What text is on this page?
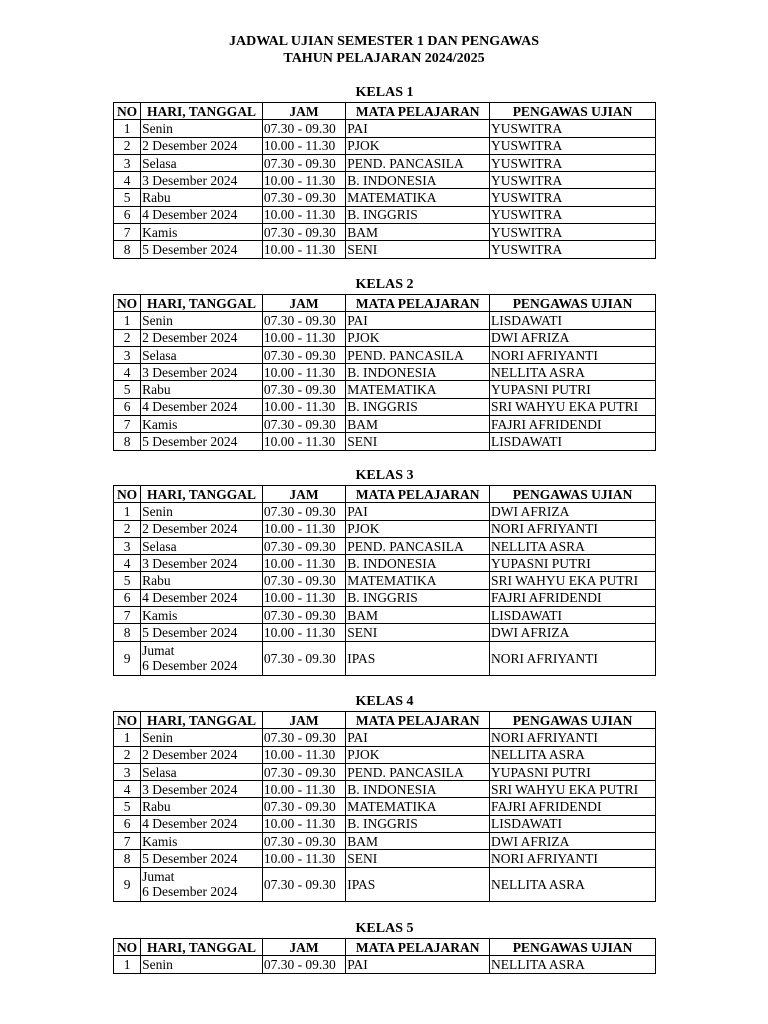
JADWAL UJIAN SEMESTER 1 DAN PENGAWAS
TAHUN PELAJARAN 2024/2025
KELAS 1
NO	HARI, TANGGAL	JAM	MATA PELAJARAN	PENGAWAS UJIAN
1	Senin	07.30 - 09.30	PAI	YUSWITRA
2	2 Desember 2024	10.00 - 11.30	PJOK	YUSWITRA
3	Selasa	07.30 - 09.30	PEND. PANCASILA	YUSWITRA
4	3 Desember 2024	10.00 - 11.30	B. INDONESIA	YUSWITRA
5	Rabu	07.30 - 09.30	MATEMATIKA	YUSWITRA
6	4 Desember 2024	10.00 - 11.30	B. INGGRIS	YUSWITRA
7	Kamis	07.30 - 09.30	BAM	YUSWITRA
8	5 Desember 2024	10.00 - 11.30	SENI	YUSWITRA
KELAS 2
NO	HARI, TANGGAL	JAM	MATA PELAJARAN	PENGAWAS UJIAN
1	Senin	07.30 - 09.30	PAI	LISDAWATI
2	2 Desember 2024	10.00 - 11.30	PJOK	DWI AFRIZA
3	Selasa	07.30 - 09.30	PEND. PANCASILA	NORI AFRIYANTI
4	3 Desember 2024	10.00 - 11.30	B. INDONESIA	NELLITA ASRA
5	Rabu	07.30 - 09.30	MATEMATIKA	YUPASNI PUTRI
6	4 Desember 2024	10.00 - 11.30	B. INGGRIS	SRI WAHYU EKA PUTRI
7	Kamis	07.30 - 09.30	BAM	FAJRI AFRIDENDI
8	5 Desember 2024	10.00 - 11.30	SENI	LISDAWATI
KELAS 3
NO	HARI, TANGGAL	JAM	MATA PELAJARAN	PENGAWAS UJIAN
1	Senin	07.30 - 09.30	PAI	DWI AFRIZA
2	2 Desember 2024	10.00 - 11.30	PJOK	NORI AFRIYANTI
3	Selasa	07.30 - 09.30	PEND. PANCASILA	NELLITA ASRA
4	3 Desember 2024	10.00 - 11.30	B. INDONESIA	YUPASNI PUTRI
5	Rabu	07.30 - 09.30	MATEMATIKA	SRI WAHYU EKA PUTRI
6	4 Desember 2024	10.00 - 11.30	B. INGGRIS	FAJRI AFRIDENDI
7	Kamis	07.30 - 09.30	BAM	LISDAWATI
8	5 Desember 2024	10.00 - 11.30	SENI	DWI AFRIZA
9	Jumat
6 Desember 2024	07.30 - 09.30	IPAS	NORI AFRIYANTI
KELAS 4
NO	HARI, TANGGAL	JAM	MATA PELAJARAN	PENGAWAS UJIAN
1	Senin	07.30 - 09.30	PAI	NORI AFRIYANTI
2	2 Desember 2024	10.00 - 11.30	PJOK	NELLITA ASRA
3	Selasa	07.30 - 09.30	PEND. PANCASILA	YUPASNI PUTRI
4	3 Desember 2024	10.00 - 11.30	B. INDONESIA	SRI WAHYU EKA PUTRI
5	Rabu	07.30 - 09.30	MATEMATIKA	FAJRI AFRIDENDI
6	4 Desember 2024	10.00 - 11.30	B. INGGRIS	LISDAWATI
7	Kamis	07.30 - 09.30	BAM	DWI AFRIZA
8	5 Desember 2024	10.00 - 11.30	SENI	NORI AFRIYANTI
9	Jumat
6 Desember 2024	07.30 - 09.30	IPAS	NELLITA ASRA
KELAS 5
NO	HARI, TANGGAL	JAM	MATA PELAJARAN	PENGAWAS UJIAN
1	Senin	07.30 - 09.30	PAI	NELLITA ASRA
